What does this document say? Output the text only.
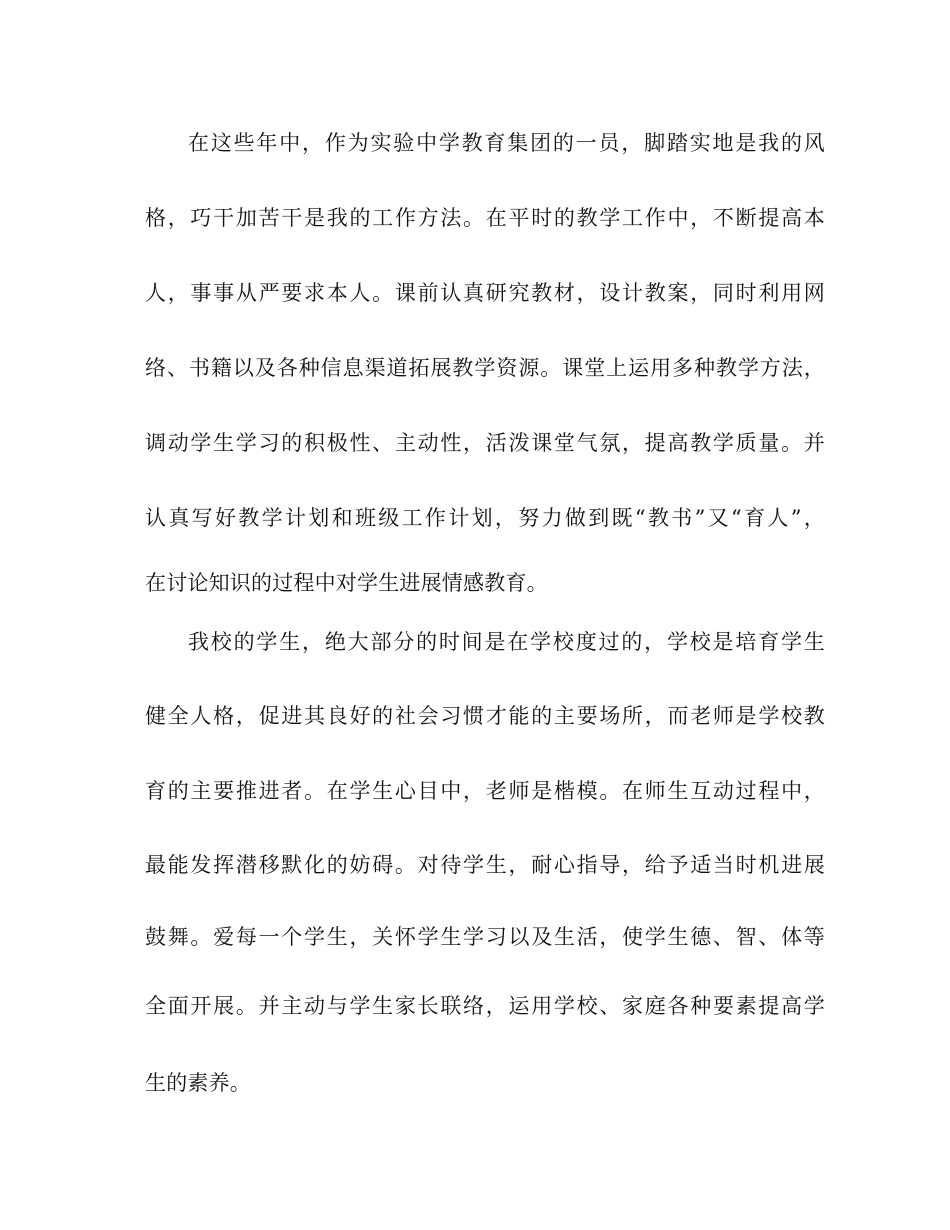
在这些年中，作为实验中学教育集团的一员，脚踏实地是我的风
格，巧干加苦干是我的工作方法。在平时的教学工作中，不断提高本
人，事事从严要求本人。课前认真研究教材，设计教案，同时利用网
络、书籍以及各种信息渠道拓展教学资源。课堂上运用多种教学方法，
调动学生学习的积极性、主动性，活泼课堂气氛，提高教学质量。并
认真写好教学计划和班级工作计划，努力做到既“教书”又“育人”，
在讨论知识的过程中对学生进展情感教育。
我校的学生，绝大部分的时间是在学校度过的，学校是培育学生
健全人格，促进其良好的社会习惯才能的主要场所，而老师是学校教
育的主要推进者。在学生心目中，老师是楷模。在师生互动过程中，
最能发挥潜移默化的妨碍。对待学生，耐心指导，给予适当时机进展
鼓舞。爱每一个学生，关怀学生学习以及生活，使学生德、智、体等
全面开展。并主动与学生家长联络，运用学校、家庭各种要素提高学
生的素养。
